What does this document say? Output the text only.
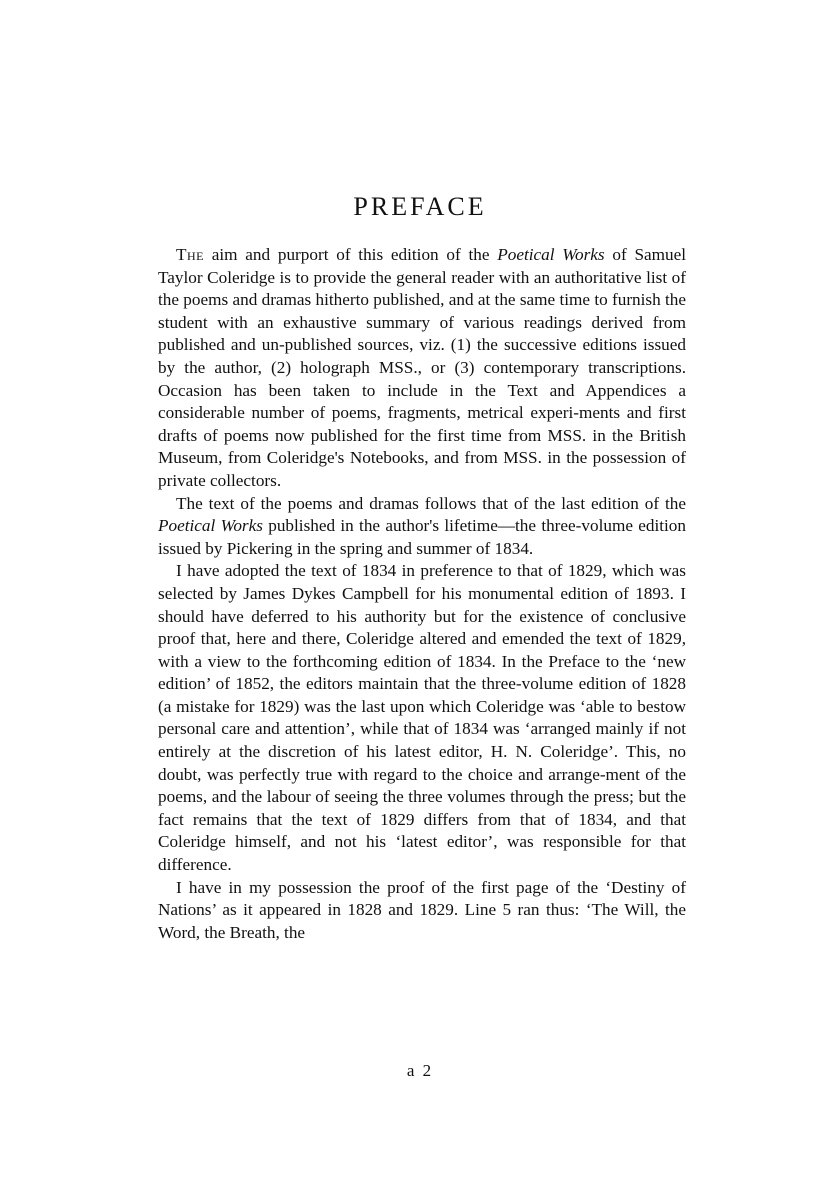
PREFACE

The aim and purport of this edition of the Poetical Works of Samuel Taylor Coleridge is to provide the general reader with an authoritative list of the poems and dramas hitherto published, and at the same time to furnish the student with an exhaustive summary of various readings derived from published and un-published sources, viz. (1) the successive editions issued by the author, (2) holograph MSS., or (3) contemporary transcriptions. Occasion has been taken to include in the Text and Appendices a considerable number of poems, fragments, metrical experi-ments and first drafts of poems now published for the first time from MSS. in the British Museum, from Coleridge's Notebooks, and from MSS. in the possession of private collectors.

The text of the poems and dramas follows that of the last edition of the Poetical Works published in the author's lifetime—the three-volume edition issued by Pickering in the spring and summer of 1834.

I have adopted the text of 1834 in preference to that of 1829, which was selected by James Dykes Campbell for his monumental edition of 1893. I should have deferred to his authority but for the existence of conclusive proof that, here and there, Coleridge altered and emended the text of 1829, with a view to the forthcoming edition of 1834. In the Preface to the ‘new edition’ of 1852, the editors maintain that the three-volume edition of 1828 (a mistake for 1829) was the last upon which Coleridge was ‘able to bestow personal care and attention’, while that of 1834 was ‘arranged mainly if not entirely at the discretion of his latest editor, H. N. Coleridge’. This, no doubt, was perfectly true with regard to the choice and arrange-ment of the poems, and the labour of seeing the three volumes through the press; but the fact remains that the text of 1829 differs from that of 1834, and that Coleridge himself, and not his ‘latest editor’, was responsible for that difference.

I have in my possession the proof of the first page of the ‘Destiny of Nations’ as it appeared in 1828 and 1829. Line 5 ran thus: ‘The Will, the Word, the Breath, the

a 2
